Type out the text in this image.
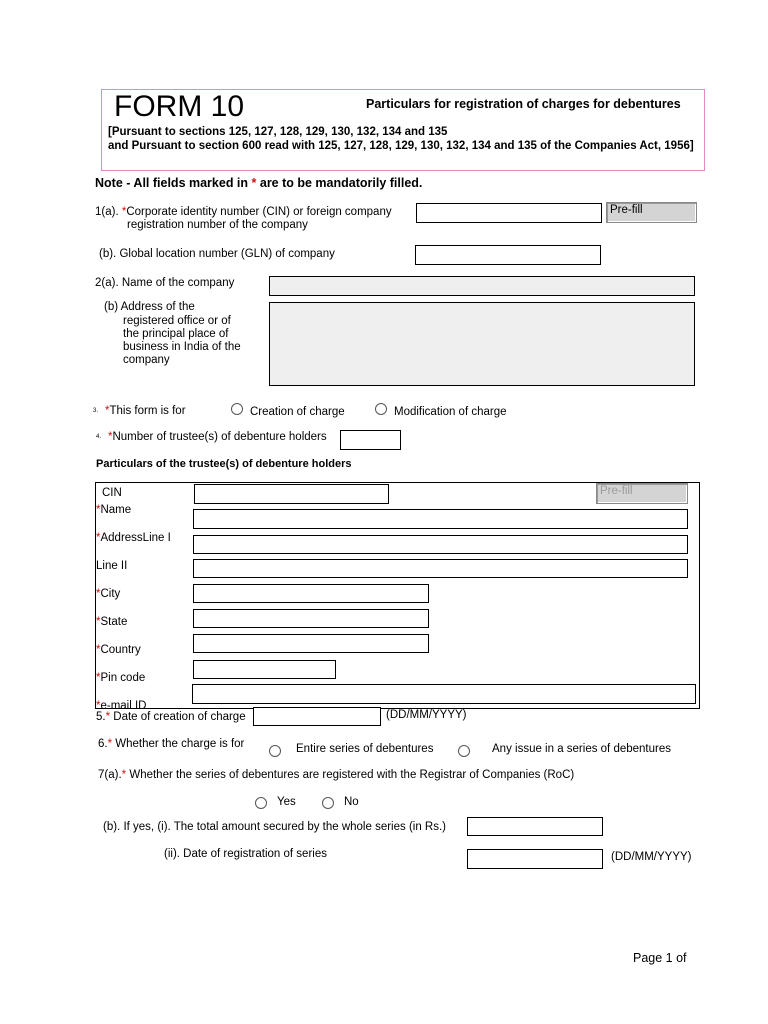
FORM 10	Particulars for registration of charges for debentures
[Pursuant to sections 125, 127, 128, 129, 130, 132, 134 and 135
and Pursuant to section 600 read with 125, 127, 128, 129, 130, 132, 134 and 135 of the Companies Act, 1956]
Note - All fields marked in * are to be mandatorily filled.
1(a). *Corporate identity number (CIN) or foreign company
registration number of the company
Pre-fill
(b). Global location number (GLN) of company
2(a). Name of the company
(b) Address of the
registered office or of
the principal place of
business in India of the
company
3. *This form is for	Creation of charge	Modification of charge
4. *Number of trustee(s) of debenture holders
Particulars of the trustee(s) of debenture holders
CIN	Pre-fill
*Name
*AddressLine I
Line II
*City
*State
*Country
*Pin code
*e-mail ID
5.* Date of creation of charge	(DD/MM/YYYY)
6.* Whether the charge is for	Entire series of debentures	Any issue in a series of debentures
7(a).* Whether the series of debentures are registered with the Registrar of Companies (RoC)
Yes	No
(b). If yes, (i). The total amount secured by the whole series (in Rs.)
(ii). Date of registration of series	(DD/MM/YYYY)
Page 1 of
